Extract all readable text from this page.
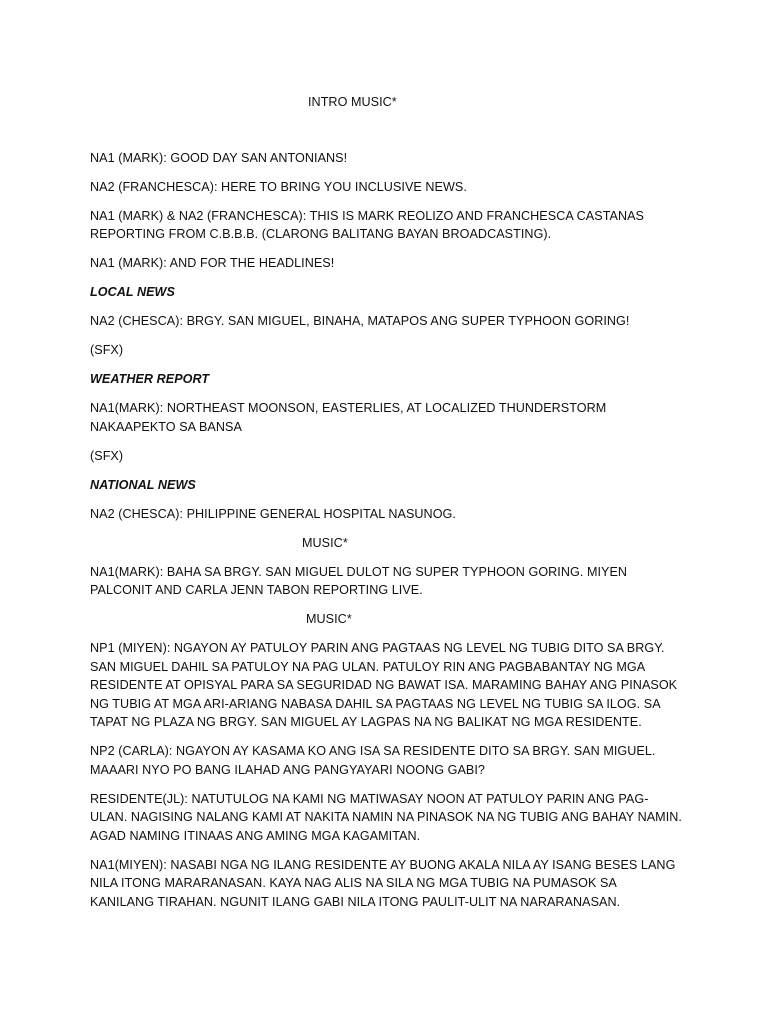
INTRO MUSIC*

NA1 (MARK): GOOD DAY SAN ANTONIANS!

NA2 (FRANCHESCA): HERE TO BRING YOU INCLUSIVE NEWS.

NA1 (MARK) & NA2 (FRANCHESCA): THIS IS MARK REOLIZO AND FRANCHESCA CASTANAS REPORTING FROM C.B.B.B. (CLARONG BALITANG BAYAN BROADCASTING).

NA1 (MARK): AND FOR THE HEADLINES!

LOCAL NEWS

NA2 (CHESCA): BRGY. SAN MIGUEL, BINAHA, MATAPOS ANG SUPER TYPHOON GORING!

(SFX)

WEATHER REPORT

NA1(MARK): NORTHEAST MOONSON, EASTERLIES, AT LOCALIZED THUNDERSTORM NAKAAPEKTO SA BANSA

(SFX)

NATIONAL NEWS

NA2 (CHESCA): PHILIPPINE GENERAL HOSPITAL NASUNOG.

MUSIC*

NA1(MARK): BAHA SA BRGY. SAN MIGUEL DULOT NG SUPER TYPHOON GORING. MIYEN PALCONIT AND CARLA JENN TABON REPORTING LIVE.

MUSIC*

NP1 (MIYEN): NGAYON AY PATULOY PARIN ANG PAGTAAS NG LEVEL NG TUBIG DITO SA BRGY. SAN MIGUEL DAHIL SA PATULOY NA PAG ULAN. PATULOY RIN ANG PAGBABANTAY NG MGA RESIDENTE AT OPISYAL PARA SA SEGURIDAD NG BAWAT ISA. MARAMING BAHAY ANG PINASOK NG TUBIG AT MGA ARI-ARIANG NABASA DAHIL SA PAGTAAS NG LEVEL NG TUBIG SA ILOG. SA TAPAT NG PLAZA NG BRGY. SAN MIGUEL AY LAGPAS NA NG BALIKAT NG MGA RESIDENTE.

NP2 (CARLA): NGAYON AY KASAMA KO ANG ISA SA RESIDENTE DITO SA BRGY. SAN MIGUEL. MAAARI NYO PO BANG ILAHAD ANG PANGYAYARI NOONG GABI?

RESIDENTE(JL): NATUTULOG NA KAMI NG MATIWASAY NOON AT PATULOY PARIN ANG PAG-ULAN. NAGISING NALANG KAMI AT NAKITA NAMIN NA PINASOK NA NG TUBIG ANG BAHAY NAMIN. AGAD NAMING ITINAAS ANG AMING MGA KAGAMITAN.

NA1(MIYEN): NASABI NGA NG ILANG RESIDENTE AY BUONG AKALA NILA AY ISANG BESES LANG NILA ITONG MARARANASAN. KAYA NAG ALIS NA SILA NG MGA TUBIG NA PUMASOK SA KANILANG TIRAHAN. NGUNIT ILANG GABI NILA ITONG PAULIT-ULIT NA NARARANASAN.
